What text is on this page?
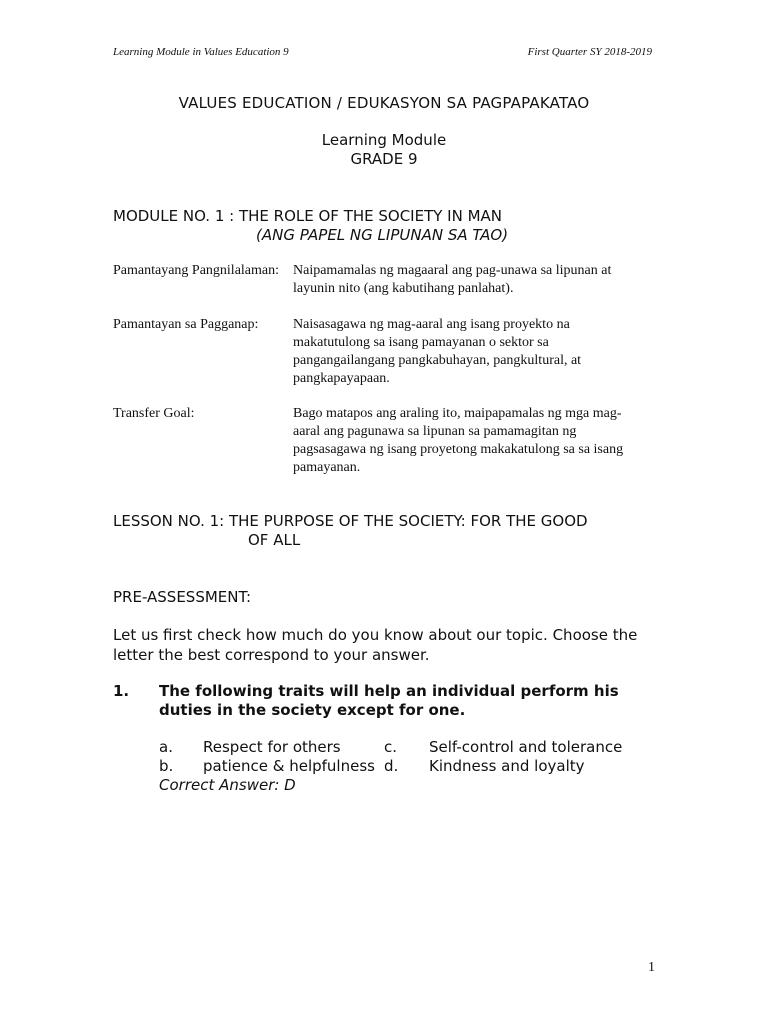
Learning Module in Values Education 9	First Quarter SY 2018-2019
VALUES EDUCATION / EDUKASYON SA PAGPAPAKATAO
Learning Module
GRADE 9
MODULE NO. 1 : THE ROLE OF THE SOCIETY IN MAN
(ANG PAPEL NG LIPUNAN SA TAO)
Pamantayang Pangnilalaman: Naipamamalas ng magaaral ang pag-unawa sa lipunan at
layunin nito (ang kabutihang panlahat).
Pamantayan sa Pagganap: Naisasagawa ng mag-aaral ang isang proyekto na
makatutulong sa isang pamayanan o sektor sa
pangangailangang pangkabuhayan, pangkultural, at
pangkapayapaan.
Transfer Goal:	Bago matapos ang araling ito, maipapamalas ng mga mag-
aaral ang pagunawa sa lipunan sa pamamagitan ng
pagsasagawa ng isang proyetong makakatulong sa sa isang
pamayanan.
LESSON NO. 1: THE PURPOSE OF THE SOCIETY: FOR THE GOOD
OF ALL
PRE-ASSESSMENT:
Let us first check how much do you know about our topic. Choose the
letter the best correspond to your answer.
1. The following traits will help an individual perform his
duties in the society except for one.
a. Respect for others	c. Self-control and tolerance
b. patience & helpfulness d. Kindness and loyalty
Correct Answer: D
1
